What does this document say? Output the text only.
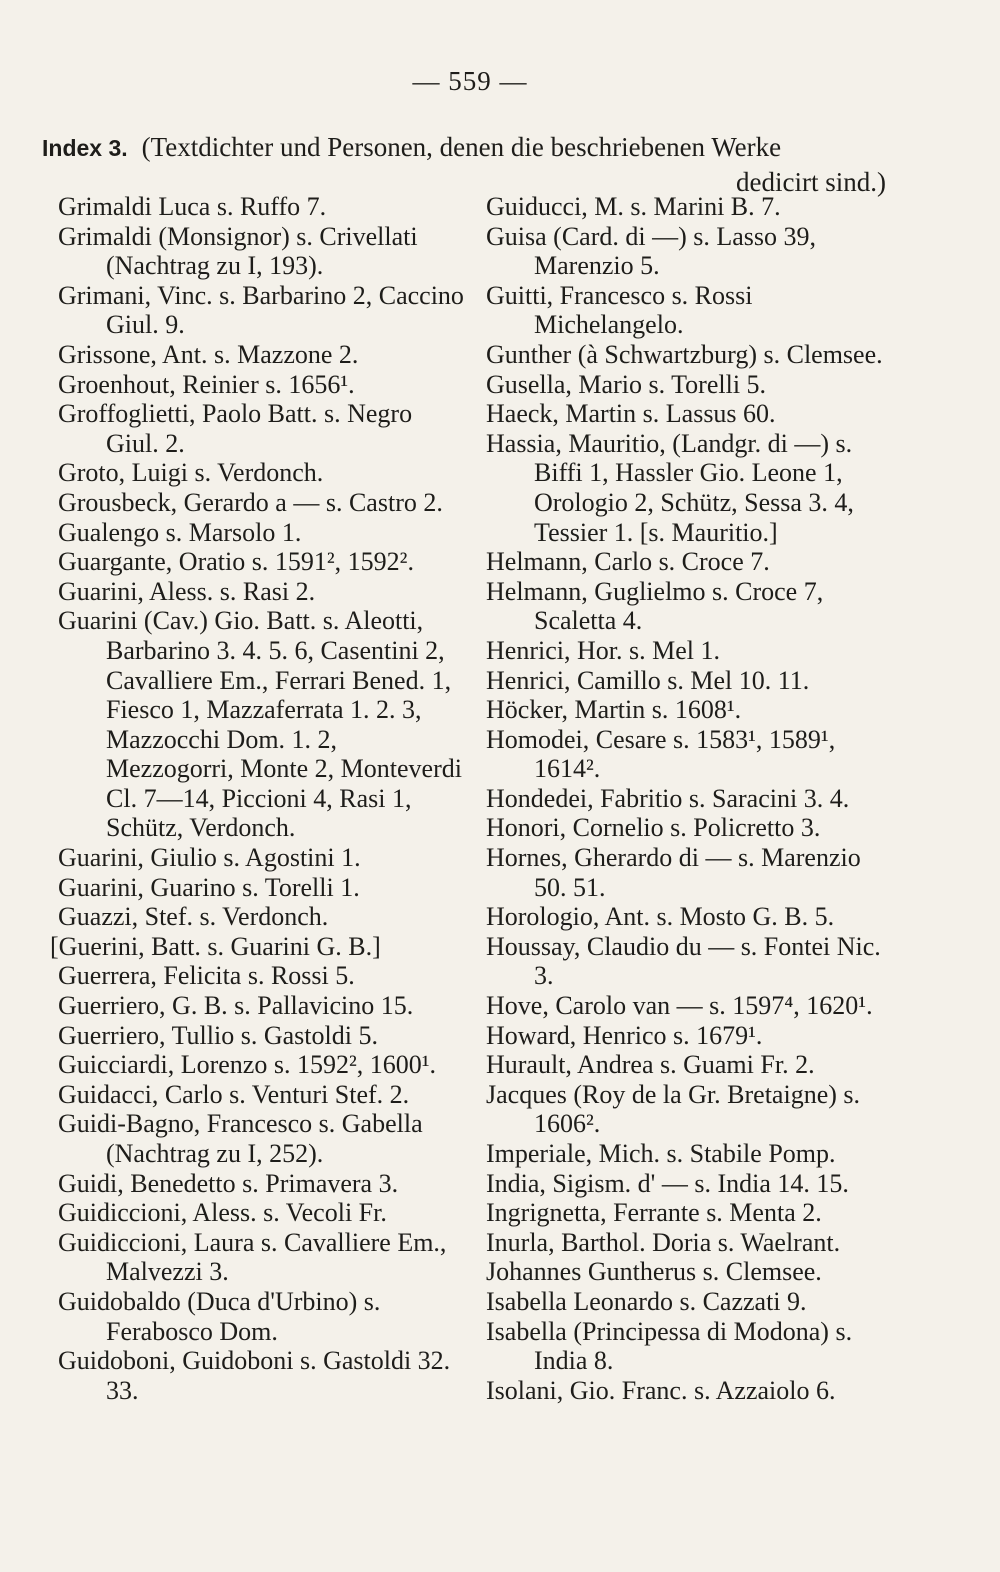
— 559 —
Index 3. (Textdichter und Personen, denen die beschriebenen Werke
dedicirt sind.)

Grimaldi Luca s. Ruffo 7.

Grimaldi (Monsignor) s. Crivellati (Nachtrag zu I, 193).

Grimani, Vinc. s. Barbarino 2, Caccino Giul. 9.

Grissone, Ant. s. Mazzone 2.

Groenhout, Reinier s. 1656¹.

Groffoglietti, Paolo Batt. s. Negro Giul. 2.

Groto, Luigi s. Verdonch.

Grousbeck, Gerardo a — s. Castro 2.

Gualengo s. Marsolo 1.

Guargante, Oratio s. 1591², 1592².

Guarini, Aless. s. Rasi 2.

Guarini (Cav.) Gio. Batt. s. Aleotti, Barbarino 3. 4. 5. 6, Casentini 2, Cavalliere Em., Ferrari Bened. 1, Fiesco 1, Mazzaferrata 1. 2. 3, Mazzocchi Dom. 1. 2, Mezzogorri, Monte 2, Monteverdi Cl. 7—14, Piccioni 4, Rasi 1, Schütz, Verdonch.

Guarini, Giulio s. Agostini 1.

Guarini, Guarino s. Torelli 1.

Guazzi, Stef. s. Verdonch.

[Guerini, Batt. s. Guarini G. B.]

Guerrera, Felicita s. Rossi 5.

Guerriero, G. B. s. Pallavicino 15.

Guerriero, Tullio s. Gastoldi 5.

Guicciardi, Lorenzo s. 1592², 1600¹.

Guidacci, Carlo s. Venturi Stef. 2.

Guidi-Bagno, Francesco s. Gabella (Nachtrag zu I, 252).

Guidi, Benedetto s. Primavera 3.

Guidiccioni, Aless. s. Vecoli Fr.

Guidiccioni, Laura s. Cavalliere Em., Malvezzi 3.

Guidobaldo (Duca d'Urbino) s. Ferabosco Dom.

Guidoboni, Guidoboni s. Gastoldi 32. 33.

Guiducci, M. s. Marini B. 7.

Guisa (Card. di —) s. Lasso 39, Marenzio 5.

Guitti, Francesco s. Rossi Michelangelo.

Gunther (à Schwartzburg) s. Clemsee.

Gusella, Mario s. Torelli 5.

Haeck, Martin s. Lassus 60.

Hassia, Mauritio, (Landgr. di —) s. Biffi 1, Hassler Gio. Leone 1, Orologio 2, Schütz, Sessa 3. 4, Tessier 1. [s. Mauritio.]

Helmann, Carlo s. Croce 7.

Helmann, Guglielmo s. Croce 7, Scaletta 4.

Henrici, Hor. s. Mel 1.

Henrici, Camillo s. Mel 10. 11.

Höcker, Martin s. 1608¹.

Homodei, Cesare s. 1583¹, 1589¹, 1614².

Hondedei, Fabritio s. Saracini 3. 4.

Honori, Cornelio s. Policretto 3.

Hornes, Gherardo di — s. Marenzio 50. 51.

Horologio, Ant. s. Mosto G. B. 5.

Houssay, Claudio du — s. Fontei Nic. 3.

Hove, Carolo van — s. 1597⁴, 1620¹.

Howard, Henrico s. 1679¹.

Hurault, Andrea s. Guami Fr. 2.

Jacques (Roy de la Gr. Bretaigne) s. 1606².

Imperiale, Mich. s. Stabile Pomp.

India, Sigism. d' — s. India 14. 15.

Ingrignetta, Ferrante s. Menta 2.

Inurla, Barthol. Doria s. Waelrant.

Johannes Guntherus s. Clemsee.

Isabella Leonardo s. Cazzati 9.

Isabella (Principessa di Modona) s. India 8.

Isolani, Gio. Franc. s. Azzaiolo 6.
